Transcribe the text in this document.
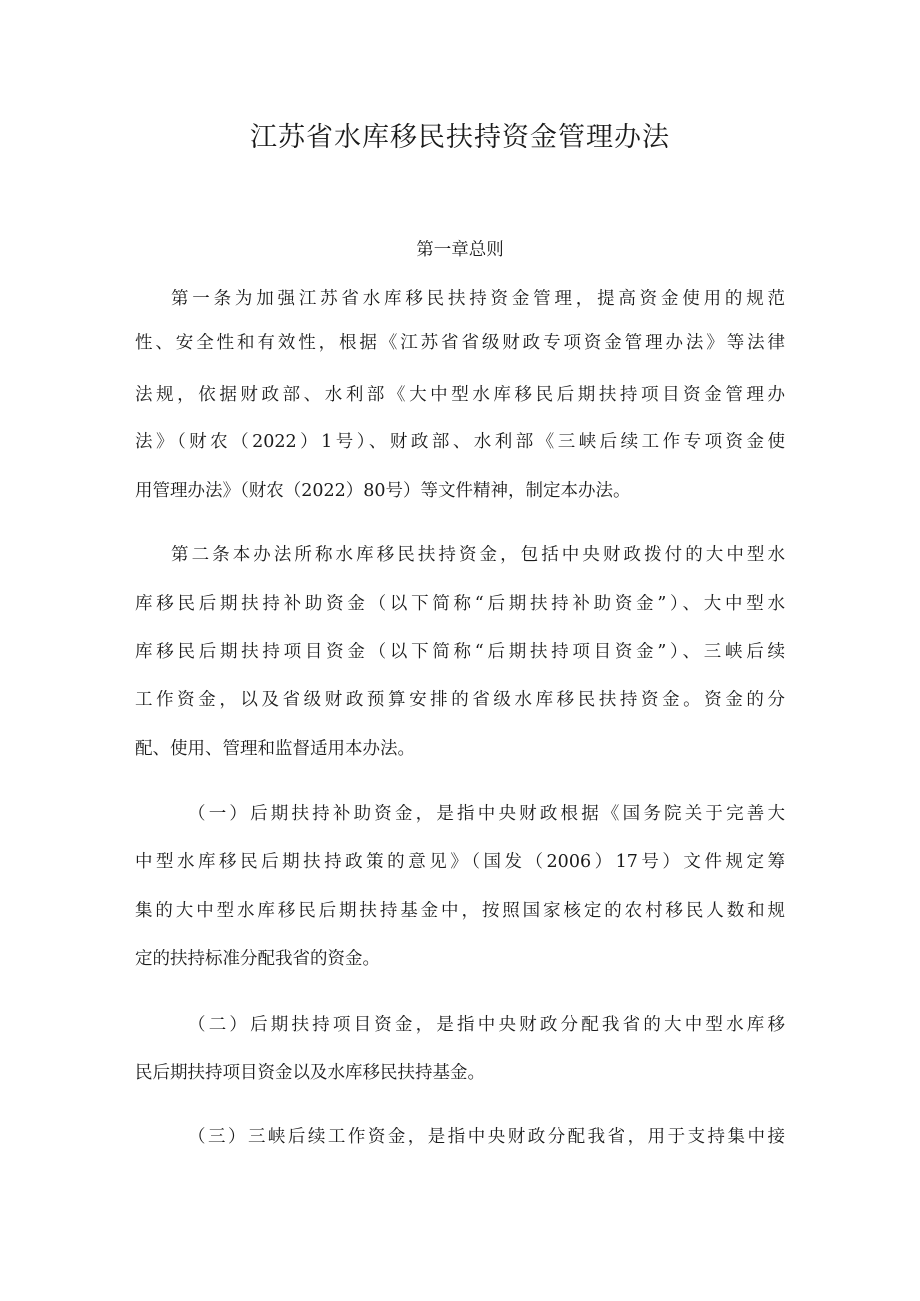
江苏省水库移民扶持资金管理办法
第一章总则
第一条为加强江苏省水库移民扶持资金管理，提高资金使用的规范
性、安全性和有效性，根据《江苏省省级财政专项资金管理办法》等法律
法规，依据财政部、水利部《大中型水库移民后期扶持项目资金管理办
法》（财农（2022）1号）、财政部、水利部《三峡后续工作专项资金使
用管理办法》（财农（2022）80号）等文件精神，制定本办法。
第二条本办法所称水库移民扶持资金，包括中央财政拨付的大中型水
库移民后期扶持补助资金（以下简称“后期扶持补助资金”）、大中型水
库移民后期扶持项目资金（以下简称“后期扶持项目资金”）、三峡后续
工作资金，以及省级财政预算安排的省级水库移民扶持资金。资金的分
配、使用、管理和监督适用本办法。
（一）后期扶持补助资金，是指中央财政根据《国务院关于完善大
中型水库移民后期扶持政策的意见》（国发（2006）17号）文件规定筹
集的大中型水库移民后期扶持基金中，按照国家核定的农村移民人数和规
定的扶持标准分配我省的资金。
（二）后期扶持项目资金，是指中央财政分配我省的大中型水库移
民后期扶持项目资金以及水库移民扶持基金。
（三）三峡后续工作资金，是指中央财政分配我省，用于支持集中接
